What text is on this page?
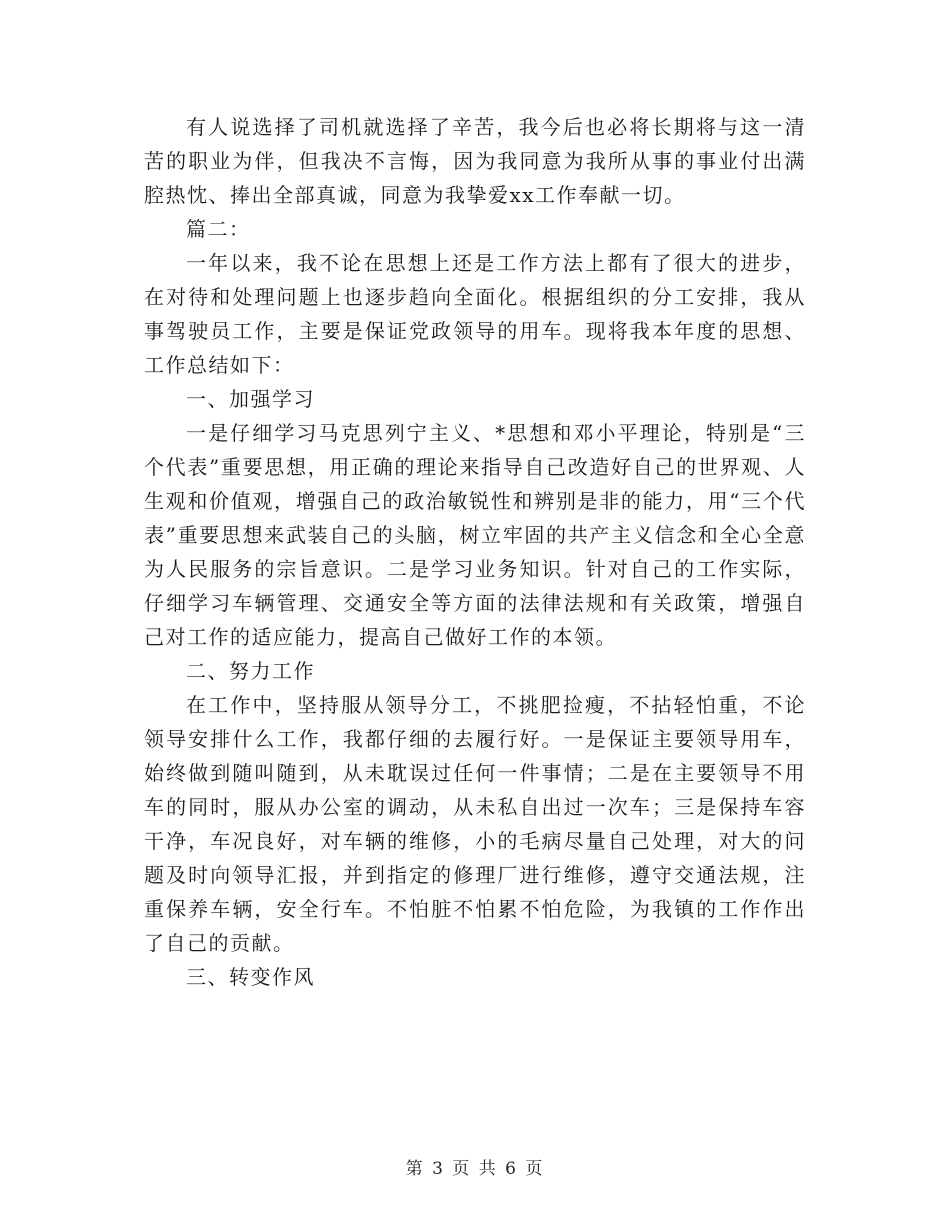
有人说选择了司机就选择了辛苦，我今后也必将长期将与这一清苦的职业为伴，但我决不言悔，因为我同意为我所从事的事业付出满腔热忱、捧出全部真诚，同意为我挚爱xx工作奉献一切。

篇二：

一年以来，我不论在思想上还是工作方法上都有了很大的进步，在对待和处理问题上也逐步趋向全面化。根据组织的分工安排，我从事驾驶员工作，主要是保证党政领导的用车。现将我本年度的思想、工作总结如下：

一、加强学习

一是仔细学习马克思列宁主义、*思想和邓小平理论，特别是“三个代表”重要思想，用正确的理论来指导自己改造好自己的世界观、人生观和价值观，增强自己的政治敏锐性和辨别是非的能力，用“三个代表”重要思想来武装自己的头脑，树立牢固的共产主义信念和全心全意为人民服务的宗旨意识。二是学习业务知识。针对自己的工作实际，仔细学习车辆管理、交通安全等方面的法律法规和有关政策，增强自己对工作的适应能力，提高自己做好工作的本领。

二、努力工作

在工作中，坚持服从领导分工，不挑肥捡瘦，不拈轻怕重，不论领导安排什么工作，我都仔细的去履行好。一是保证主要领导用车，始终做到随叫随到，从未耽误过任何一件事情；二是在主要领导不用车的同时，服从办公室的调动，从未私自出过一次车；三是保持车容干净，车况良好，对车辆的维修，小的毛病尽量自己处理，对大的问题及时向领导汇报，并到指定的修理厂进行维修，遵守交通法规，注重保养车辆，安全行车。不怕脏不怕累不怕危险，为我镇的工作作出了自己的贡献。

三、转变作风

第 3 页 共 6 页
